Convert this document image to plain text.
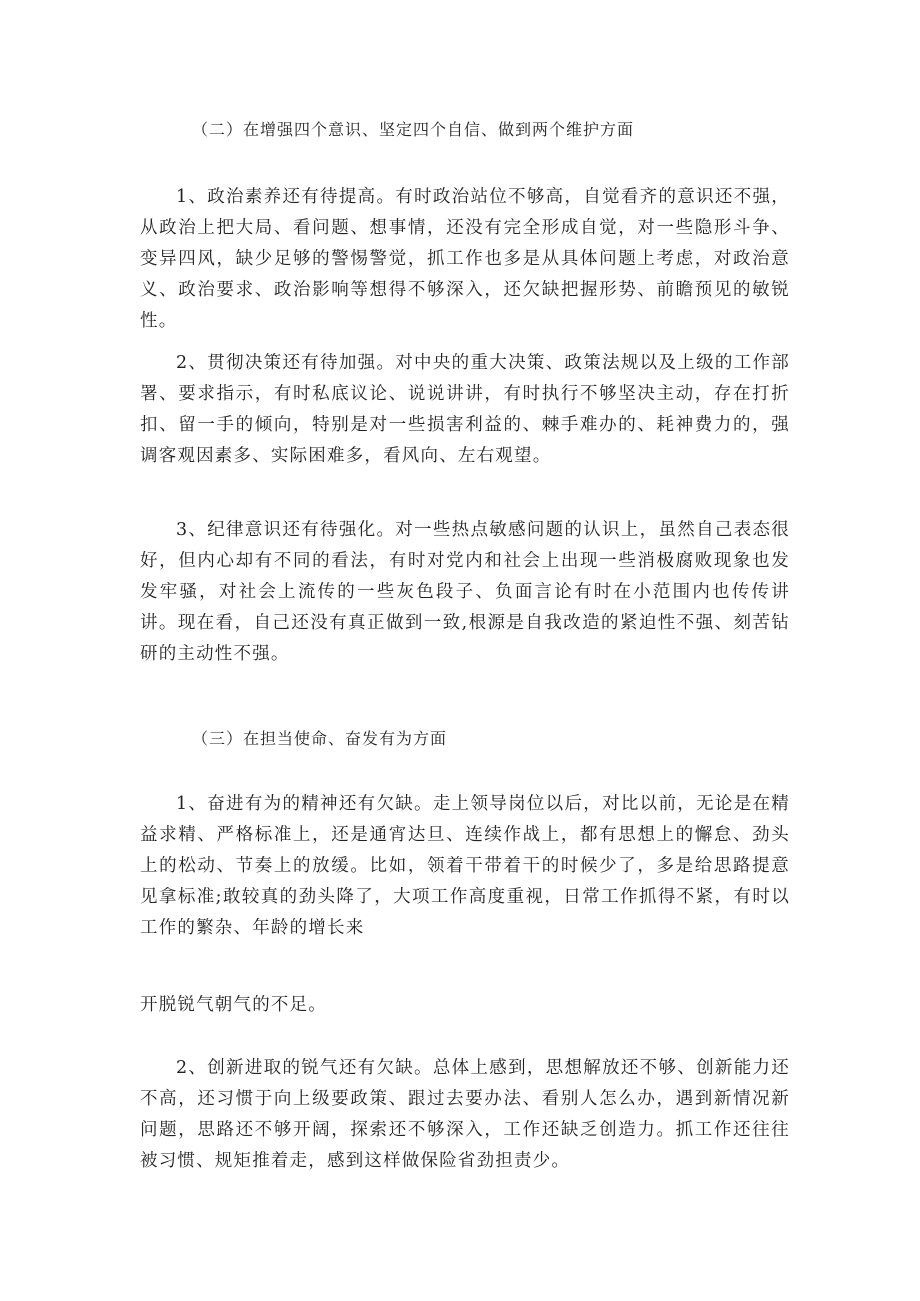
（二）在增强四个意识、坚定四个自信、做到两个维护方面

1、政治素养还有待提高。有时政治站位不够高，自觉看齐的意识还不强，从政治上把大局、看问题、想事情，还没有完全形成自觉，对一些隐形斗争、变异四风，缺少足够的警惕警觉，抓工作也多是从具体问题上考虑，对政治意义、政治要求、政治影响等想得不够深入，还欠缺把握形势、前瞻预见的敏锐性。

2、贯彻决策还有待加强。对中央的重大决策、政策法规以及上级的工作部署、要求指示，有时私底议论、说说讲讲，有时执行不够坚决主动，存在打折扣、留一手的倾向，特别是对一些损害利益的、棘手难办的、耗神费力的，强调客观因素多、实际困难多，看风向、左右观望。

3、纪律意识还有待强化。对一些热点敏感问题的认识上，虽然自己表态很好，但内心却有不同的看法，有时对党内和社会上出现一些消极腐败现象也发发牢骚，对社会上流传的一些灰色段子、负面言论有时在小范围内也传传讲讲。现在看，自己还没有真正做到一致,根源是自我改造的紧迫性不强、刻苦钻研的主动性不强。

（三）在担当使命、奋发有为方面

1、奋进有为的精神还有欠缺。走上领导岗位以后，对比以前，无论是在精益求精、严格标准上，还是通宵达旦、连续作战上，都有思想上的懈怠、劲头上的松动、节奏上的放缓。比如，领着干带着干的时候少了，多是给思路提意见拿标准;敢较真的劲头降了，大项工作高度重视，日常工作抓得不紧，有时以工作的繁杂、年龄的增长来

开脱锐气朝气的不足。

2、创新进取的锐气还有欠缺。总体上感到，思想解放还不够、创新能力还不高，还习惯于向上级要政策、跟过去要办法、看别人怎么办，遇到新情况新问题，思路还不够开阔，探索还不够深入，工作还缺乏创造力。抓工作还往往被习惯、规矩推着走，感到这样做保险省劲担责少。
